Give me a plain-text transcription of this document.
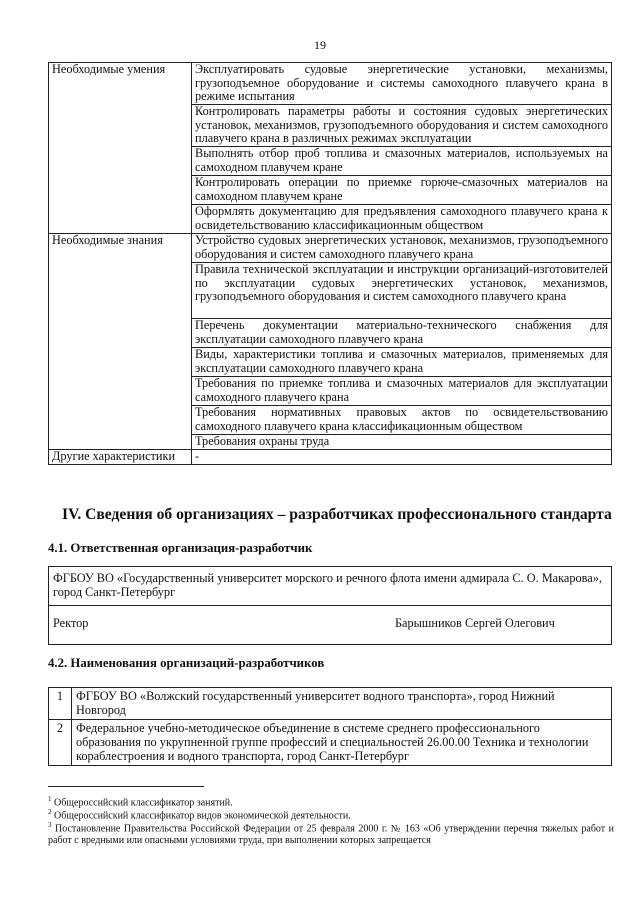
19
Необходимые умения	Эксплуатировать судовые энергетические установки, механизмы, грузоподъемное оборудование и системы самоходного плавучего крана в режиме испытания
	Контролировать параметры работы и состояния судовых энергетических установок, механизмов, грузоподъемного оборудования и систем самоходного плавучего крана в различных режимах эксплуатации
	Выполнять отбор проб топлива и смазочных материалов, используемых на самоходном плавучем кране
	Контролировать операции по приемке горюче-смазочных материалов на самоходном плавучем кране
	Оформлять документацию для предъявления самоходного плавучего крана к освидетельствованию классификационным обществом
Необходимые знания	Устройство судовых энергетических установок, механизмов, грузоподъемного оборудования и систем самоходного плавучего крана
	Правила технической эксплуатации и инструкции организаций-изготовителей по эксплуатации судовых энергетических установок, механизмов, грузоподъемного оборудования и систем самоходного плавучего крана
	Перечень документации материально-технического снабжения для эксплуатации самоходного плавучего крана
	Виды, характеристики топлива и смазочных материалов, применяемых для эксплуатации самоходного плавучего крана
	Требования по приемке топлива и смазочных материалов для эксплуатации самоходного плавучего крана
	Требования нормативных правовых актов по освидетельствованию самоходного плавучего крана классификационным обществом
	Требования охраны труда
Другие характеристики	-
IV. Сведения об организациях – разработчиках профессионального стандарта
4.1. Ответственная организация-разработчик
ФГБОУ ВО «Государственный университет морского и речного флота имени адмирала С. О. Макарова», город Санкт-Петербург
Ректор	Барышников Сергей Олегович
4.2. Наименования организаций-разработчиков
1	ФГБОУ ВО «Волжский государственный университет водного транспорта», город Нижний Новгород
2	Федеральное учебно-методическое объединение в системе среднего профессионального образования по укрупненной группе профессий и специальностей 26.00.00 Техника и технологии кораблестроения и водного транспорта, город Санкт-Петербург
$^1$ Общероссийский классификатор занятий.
$^2$ Общероссийский классификатор видов экономической деятельности.
$^3$ Постановление Правительства Российской Федерации от 25 февраля 2000 г. № 163 «Об утверждении перечня тяжелых работ и работ с вредными или опасными условиями труда, при выполнении которых запрещается
